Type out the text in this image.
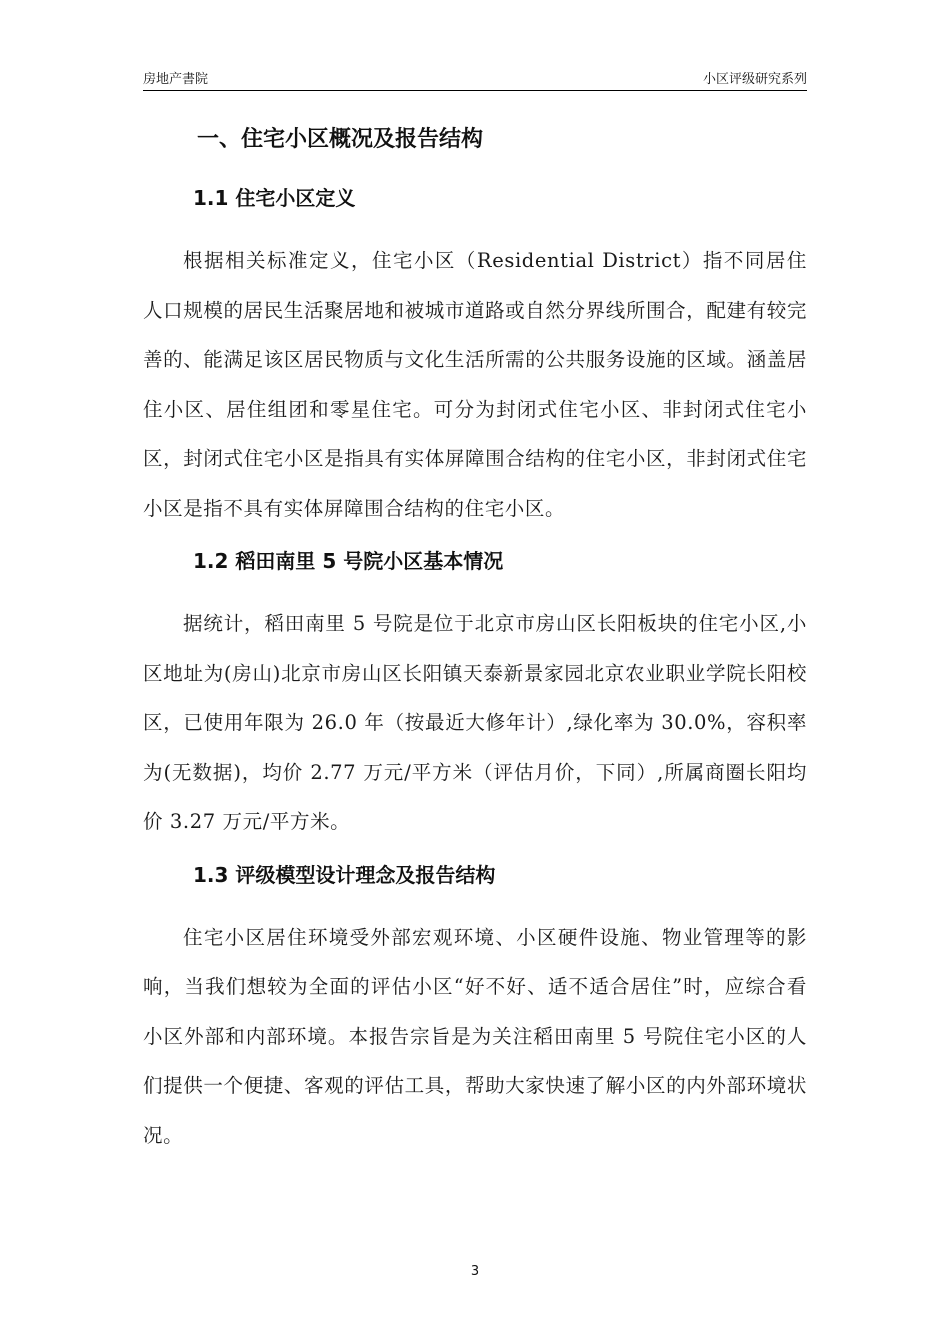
房地产書院	小区评级研究系列
一、住宅小区概况及报告结构
1.1 住宅小区定义

根据相关标准定义，住宅小区（Residential District）指不同居住人口规模的居民生活聚居地和被城市道路或自然分界线所围合，配建有较完善的、能满足该区居民物质与文化生活所需的公共服务设施的区域。涵盖居住小区、居住组团和零星住宅。可分为封闭式住宅小区、非封闭式住宅小区，封闭式住宅小区是指具有实体屏障围合结构的住宅小区，非封闭式住宅小区是指不具有实体屏障围合结构的住宅小区。

1.2 稻田南里 5 号院小区基本情况

据统计，稻田南里 5 号院是位于北京市房山区长阳板块的住宅小区,小区地址为(房山)北京市房山区长阳镇天泰新景家园北京农业职业学院长阳校区，已使用年限为 26.0 年（按最近大修年计）,绿化率为 30.0%，容积率为(无数据)，均价 2.77 万元/平方米（评估月价，下同）,所属商圈长阳均价 3.27 万元/平方米。

1.3 评级模型设计理念及报告结构

住宅小区居住环境受外部宏观环境、小区硬件设施、物业管理等的影响，当我们想较为全面的评估小区“好不好、适不适合居住”时，应综合看小区外部和内部环境。本报告宗旨是为关注稻田南里 5 号院住宅小区的人们提供一个便捷、客观的评估工具，帮助大家快速了解小区的内外部环境状况。

3
